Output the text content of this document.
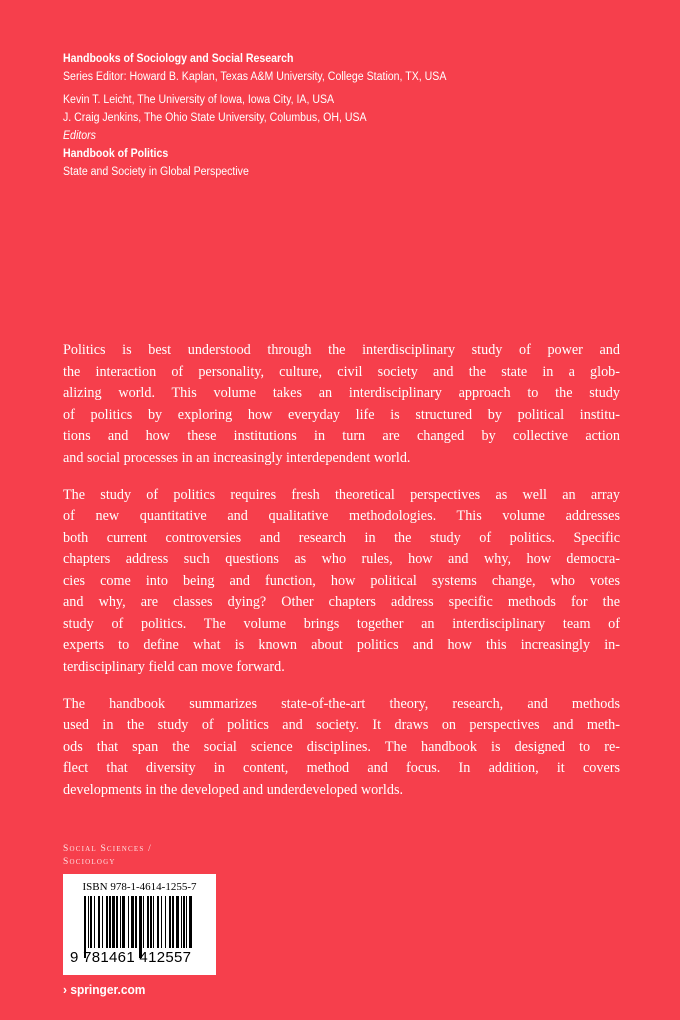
Handbooks of Sociology and Social Research
Series Editor: Howard B. Kaplan, Texas A&M University, College Station, TX, USA
Kevin T. Leicht, The University of Iowa, Iowa City, IA, USA
J. Craig Jenkins, The Ohio State University, Columbus, OH, USA
Editors
Handbook of Politics
State and Society in Global Perspective
Politics is best understood through the interdisciplinary study of power and
the interaction of personality, culture, civil society and the state in a glob-
alizing world. This volume takes an interdisciplinary approach to the study
of politics by exploring how everyday life is structured by political institu-
tions and how these institutions in turn are changed by collective action
and social processes in an increasingly interdependent world.
The study of politics requires fresh theoretical perspectives as well an array
of new quantitative and qualitative methodologies. This volume addresses
both current controversies and research in the study of politics. Specific
chapters address such questions as who rules, how and why, how democra-
cies come into being and function, how political systems change, who votes
and why, are classes dying? Other chapters address specific methods for the
study of politics. The volume brings together an interdisciplinary team of
experts to define what is known about politics and how this increasingly in-
terdisciplinary field can move forward.
The handbook summarizes state-of-the-art theory, research, and methods
used in the study of politics and society. It draws on perspectives and meth-
ods that span the social science disciplines. The handbook is designed to re-
flect that diversity in content, method and focus. In addition, it covers
developments in the developed and underdeveloped worlds.
Social Sciences /
Sociology
ISBN 978-1-4614-1255-7
9 781461 412557
› springer.com
